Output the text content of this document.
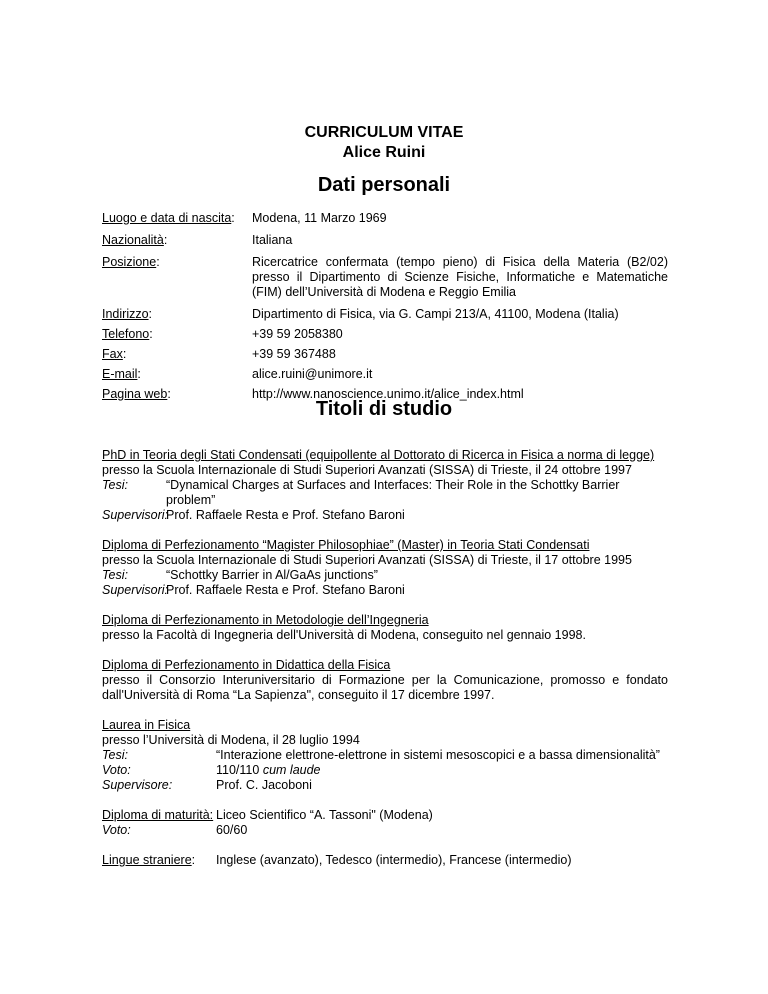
CURRICULUM VITAE
Alice Ruini
Dati personali
Luogo e data di nascita:	Modena, 11 Marzo 1969
Nazionalità:	Italiana
Posizione:	Ricercatrice confermata (tempo pieno) di Fisica della Materia (B2/02) presso il Dipartimento di Scienze Fisiche, Informatiche e Matematiche (FIM) dell’Università di Modena e Reggio Emilia
Indirizzo:	Dipartimento di Fisica, via G. Campi 213/A, 41100, Modena (Italia)
Telefono:	+39 59 2058380
Fax:	+39 59 367488
E-mail:	alice.ruini@unimore.it
Pagina web:	http://www.nanoscience.unimo.it/alice_index.html
Titoli di studio
PhD in Teoria degli Stati Condensati (equipollente al Dottorato di Ricerca in Fisica a norma di legge)
presso la Scuola Internazionale di Studi Superiori Avanzati (SISSA) di Trieste, il 24 ottobre 1997
Tesi:	“Dynamical Charges at Surfaces and Interfaces: Their Role in the Schottky Barrier problem”
Supervisori:
Prof. Raffaele Resta e Prof. Stefano Baroni
Diploma di Perfezionamento “Magister Philosophiae” (Master) in Teoria Stati Condensati
presso la Scuola Internazionale di Studi Superiori Avanzati (SISSA) di Trieste, il 17 ottobre 1995
Tesi:	“Schottky Barrier in Al/GaAs junctions”
Supervisori:
Prof. Raffaele Resta e Prof. Stefano Baroni
Diploma di Perfezionamento in Metodologie dell’Ingegneria
presso la Facoltà di Ingegneria dell'Università di Modena, conseguito nel gennaio 1998.
Diploma di Perfezionamento in Didattica della Fisica
presso il Consorzio Interuniversitario di Formazione per la Comunicazione, promosso e fondato dall'Università di Roma “La Sapienza", conseguito il 17 dicembre 1997.
Laurea in Fisica
presso l’Università di Modena, il 28 luglio 1994
Tesi:	“Interazione elettrone-elettrone in sistemi mesoscopici e a bassa dimensionalità”
Voto:	110/110 cum laude
Supervisore:	Prof. C. Jacoboni
Diploma di maturità: Liceo Scientifico “A. Tassoni" (Modena)
Voto:	60/60
Lingue straniere:	Inglese (avanzato), Tedesco (intermedio), Francese (intermedio)
